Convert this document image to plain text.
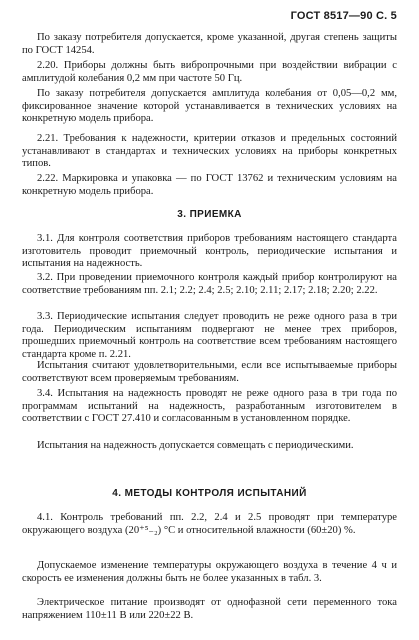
ГОСТ 8517—90 С. 5

По заказу потребителя допускается, кроме указанной, другая степень защиты по ГОСТ 14254.

2.20. Приборы должны быть вибропрочными при воздействии вибрации с амплитудой колебания 0,2 мм при частоте 50 Гц.

По заказу потребителя допускается амплитуда колебания от 0,05—0,2 мм, фиксированное значение которой устанавливается в технических условиях на конкретную модель прибора.

2.21. Требования к надежности, критерии отказов и предельных состояний устанавливают в стандартах и технических условиях на приборы конкретных типов.

2.22. Маркировка и упаковка — по ГОСТ 13762 и техническим условиям на конкретную модель прибора.

3. ПРИЕМКА

3.1. Для контроля соответствия приборов требованиям настоящего стандарта изготовитель проводит приемочный контроль, периодические испытания и испытания на надежность.

3.2. При проведении приемочного контроля каждый прибор контролируют на соответствие требованиям пп. 2.1; 2.2; 2.4; 2.5; 2.10; 2.11; 2.17; 2.18; 2.20; 2.22.

3.3. Периодические испытания следует проводить не реже одного раза в три года. Периодическим испытаниям подвергают не менее трех приборов, прошедших приемочный контроль на соответствие всем требованиям настоящего стандарта кроме п. 2.21.

Испытания считают удовлетворительными, если все испытываемые приборы соответствуют всем проверяемым требованиям.

3.4. Испытания на надежность проводят не реже одного раза в три года по программам испытаний на надежность, разработанным изготовителем в соответствии с ГОСТ 27.410 и согласованным в установленном порядке.

Испытания на надежность допускается совмещать с периодическими.

4. МЕТОДЫ КОНТРОЛЯ ИСПЫТАНИЙ

4.1. Контроль требований пп. 2.2, 2.4 и 2.5 проводят при температуре окружающего воздуха (20⁺⁵₋₂) °С и относительной влажности (60±20) %.

Допускаемое изменение температуры окружающего воздуха в течение 4 ч и скорость ее изменения должны быть не более указанных в табл. 3.

Электрическое питание производят от однофазной сети переменного тока напряжением 110±11 В или 220±22 В.
